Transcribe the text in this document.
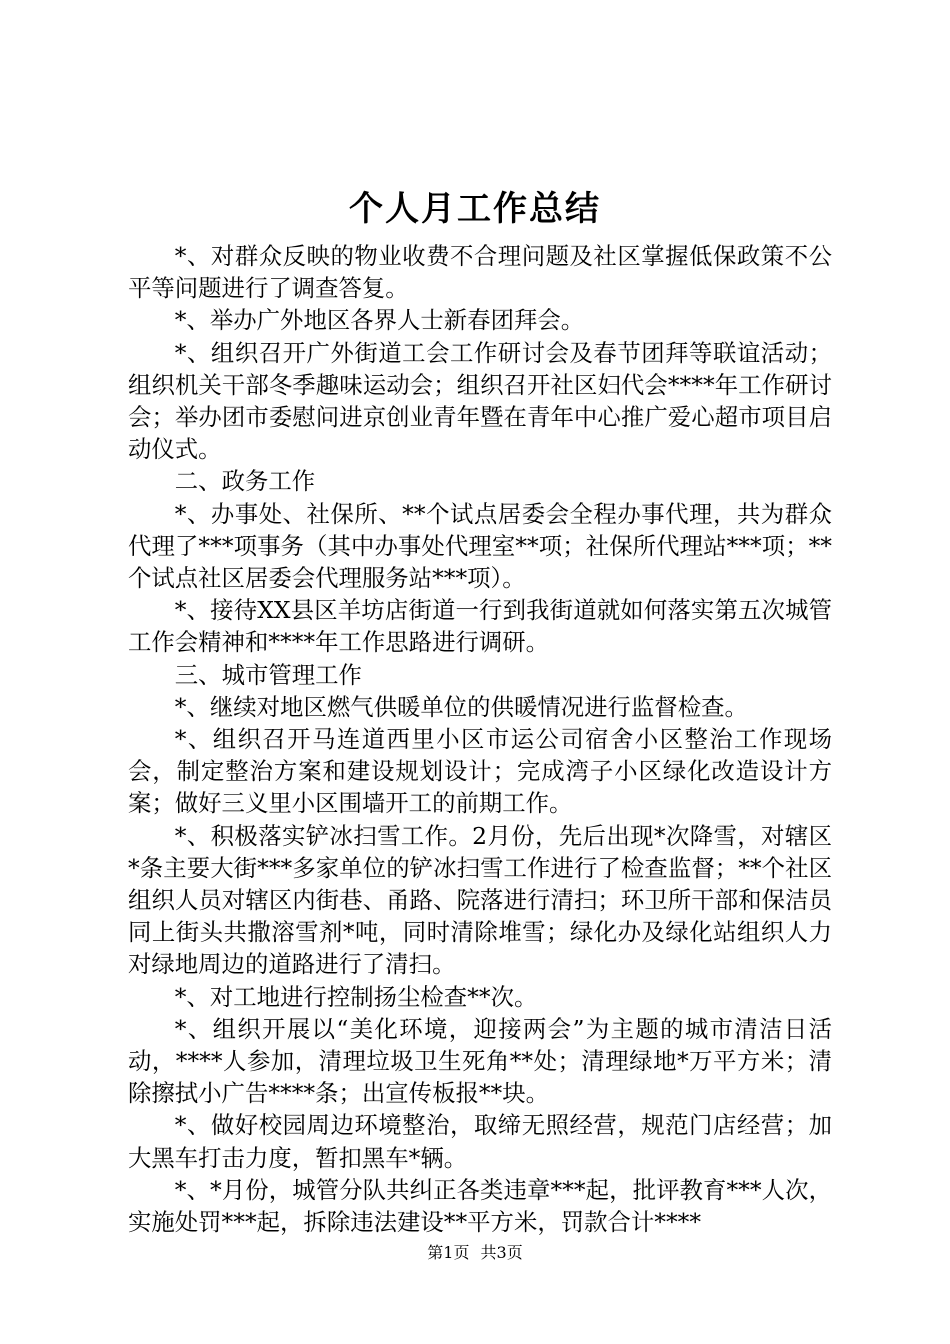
个人月工作总结

*、对群众反映的物业收费不合理问题及社区掌握低保政策不公平等问题进行了调查答复。

*、举办广外地区各界人士新春团拜会。

*、组织召开广外街道工会工作研讨会及春节团拜等联谊活动；组织机关干部冬季趣味运动会；组织召开社区妇代会****年工作研讨会；举办团市委慰问进京创业青年暨在青年中心推广爱心超市项目启动仪式。

二、政务工作

*、办事处、社保所、**个试点居委会全程办事代理，共为群众代理了***项事务（其中办事处代理室**项；社保所代理站***项；**个试点社区居委会代理服务站***项）。

*、接待XX县区羊坊店街道一行到我街道就如何落实第五次城管工作会精神和****年工作思路进行调研。

三、城市管理工作

*、继续对地区燃气供暖单位的供暖情况进行监督检查。

*、组织召开马连道西里小区市运公司宿舍小区整治工作现场会，制定整治方案和建设规划设计；完成湾子小区绿化改造设计方案；做好三义里小区围墙开工的前期工作。

*、积极落实铲冰扫雪工作。2月份，先后出现*次降雪，对辖区*条主要大街***多家单位的铲冰扫雪工作进行了检查监督；**个社区组织人员对辖区内街巷、甬路、院落进行清扫；环卫所干部和保洁员同上街头共撒溶雪剂*吨，同时清除堆雪；绿化办及绿化站组织人力对绿地周边的道路进行了清扫。

*、对工地进行控制扬尘检查**次。

*、组织开展以“美化环境，迎接两会”为主题的城市清洁日活动，****人参加，清理垃圾卫生死角**处；清理绿地*万平方米；清除擦拭小广告****条；出宣传板报**块。

*、做好校园周边环境整治，取缔无照经营，规范门店经营；加大黑车打击力度，暂扣黑车*辆。

*、*月份，城管分队共纠正各类违章***起，批评教育***人次，实施处罚***起，拆除违法建设**平方米，罚款合计****

第1页 共3页
